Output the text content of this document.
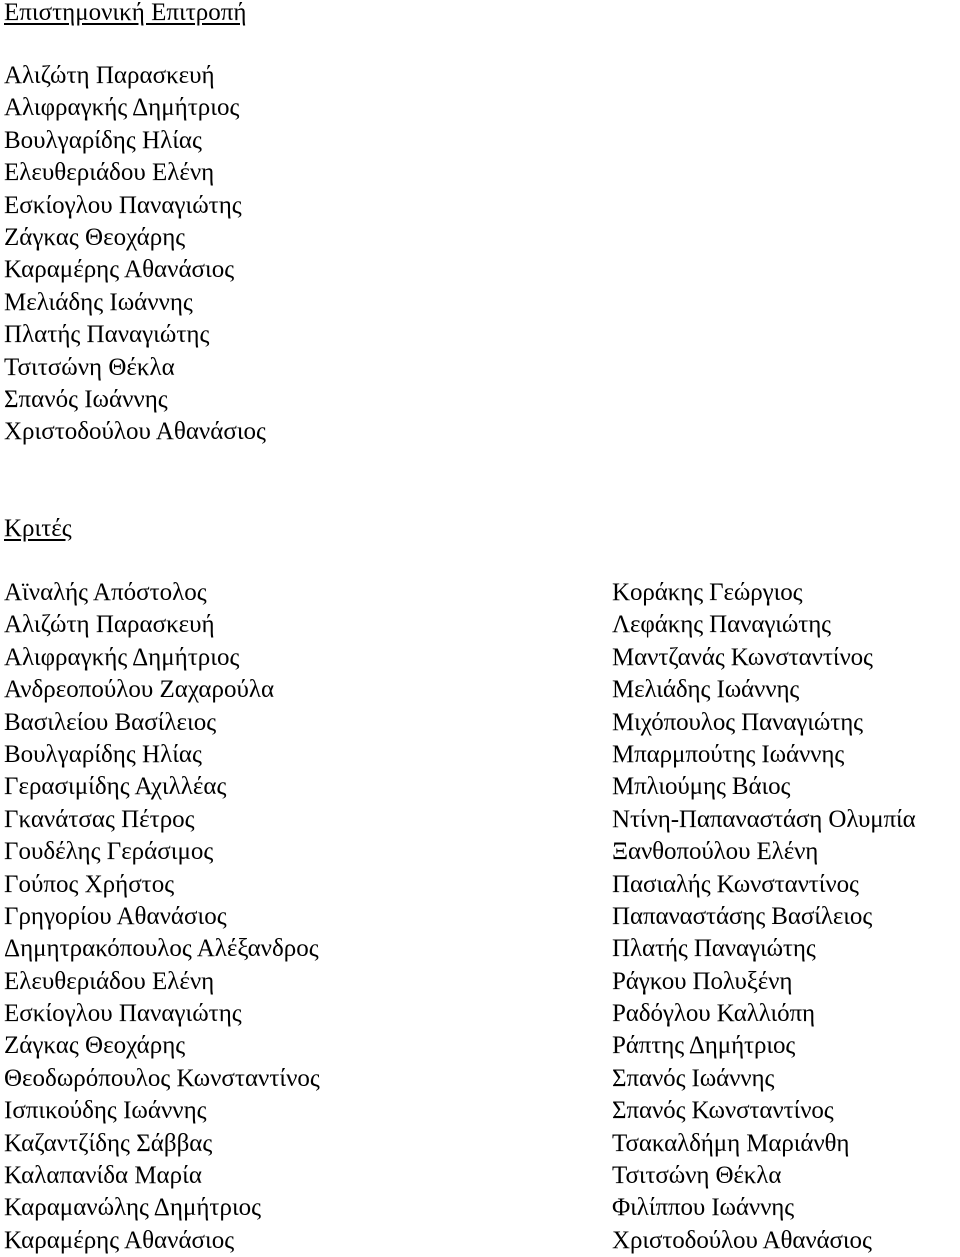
Επιστημονική Επιτροπή
Αλιζώτη Παρασκευή
Αλιφραγκής Δημήτριος
Βουλγαρίδης Ηλίας
Ελευθεριάδου Ελένη
Εσκίογλου Παναγιώτης
Ζάγκας Θεοχάρης
Καραμέρης Αθανάσιος
Μελιάδης Ιωάννης
Πλατής Παναγιώτης
Τσιτσώνη Θέκλα
Σπανός Ιωάννης
Χριστοδούλου Αθανάσιος
Κριτές
Αϊναλής Απόστολος
Αλιζώτη Παρασκευή
Αλιφραγκής Δημήτριος
Ανδρεοπούλου Ζαχαρούλα
Βασιλείου Βασίλειος
Βουλγαρίδης Ηλίας
Γερασιμίδης Αχιλλέας
Γκανάτσας Πέτρος
Γουδέλης Γεράσιμος
Γούπος Χρήστος
Γρηγορίου Αθανάσιος
Δημητρακόπουλος Αλέξανδρος
Ελευθεριάδου Ελένη
Εσκίογλου Παναγιώτης
Ζάγκας Θεοχάρης
Θεοδωρόπουλος Κωνσταντίνος
Ισπικούδης Ιωάννης
Καζαντζίδης Σάββας
Καλαπανίδα Μαρία
Καραμανώλης Δημήτριος
Καραμέρης Αθανάσιος
Κοράκης Γεώργιος
Λεφάκης Παναγιώτης
Μαντζανάς Κωνσταντίνος
Μελιάδης Ιωάννης
Μιχόπουλος Παναγιώτης
Μπαρμπούτης Ιωάννης
Μπλιούμης Βάιος
Ντίνη-Παπαναστάση Ολυμπία
Ξανθοπούλου Ελένη
Πασιαλής Κωνσταντίνος
Παπαναστάσης Βασίλειος
Πλατής Παναγιώτης
Ράγκου Πολυξένη
Ραδόγλου Καλλιόπη
Ράπτης Δημήτριος
Σπανός Ιωάννης
Σπανός Κωνσταντίνος
Τσακαλδήμη Μαριάνθη
Τσιτσώνη Θέκλα
Φιλίππου Ιωάννης
Χριστοδούλου Αθανάσιος
